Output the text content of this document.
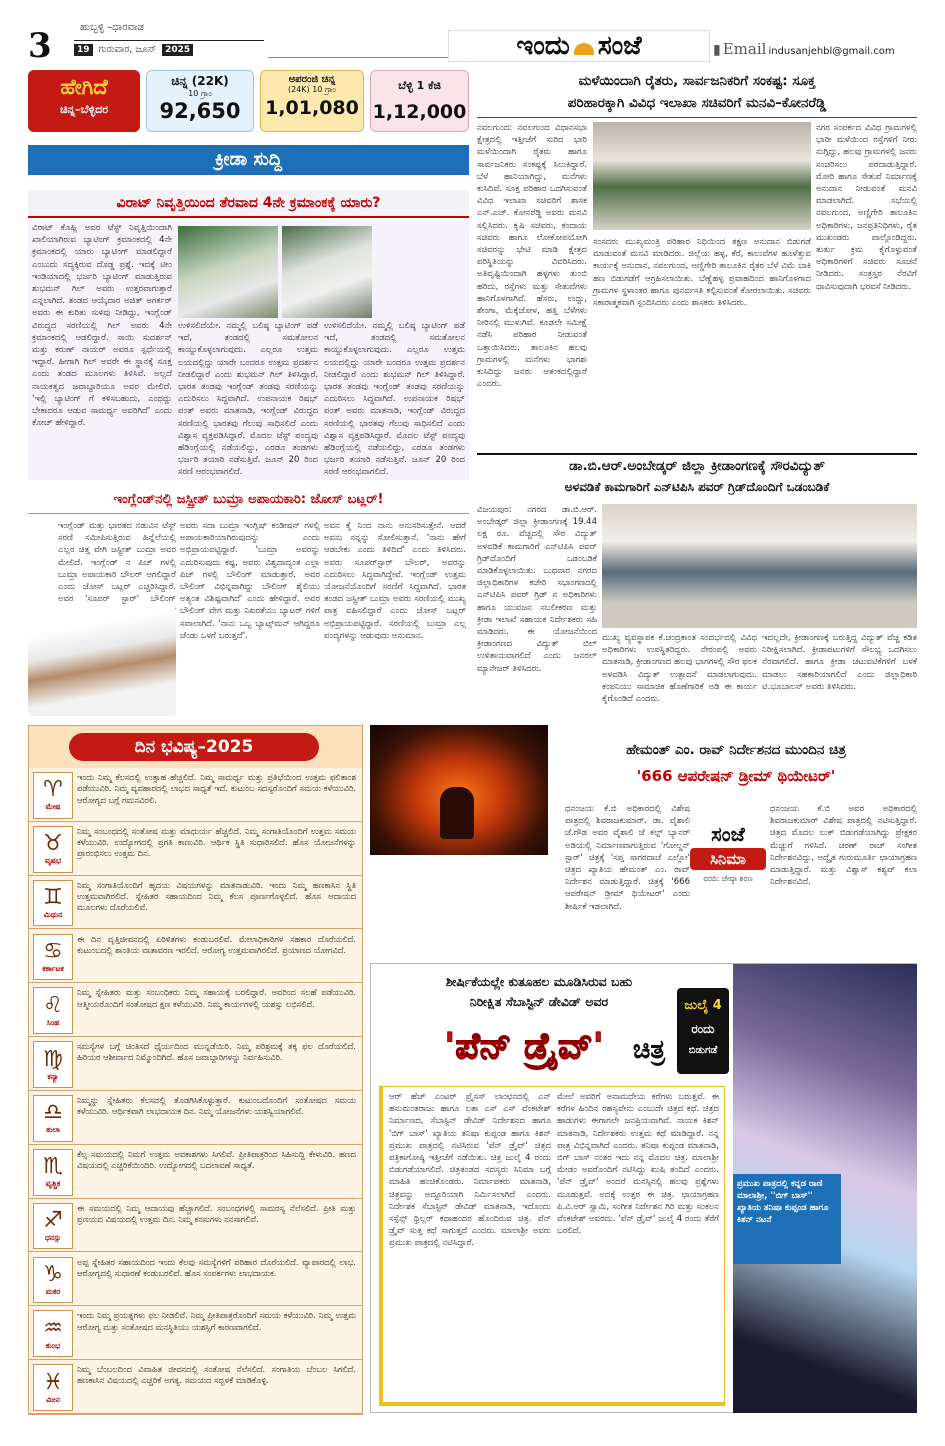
3	ಹುಬ್ಬಳ್ಳಿ –ಧಾರವಾಡ
19 ಗುರುವಾರ, ಜೂನ್	2025	ಇಂದು ಸಂಜೆ	▮ Email indusanjehbl@gmail.com
ಹೇಗಿದೆ
ಚಿನ್ನ–ಬೆಳ್ಳಿದರ
ಚಿನ್ನ (22K)
10 ಗ್ರಾಂ
92,650
ಅಪರಂಜಿ ಚಿನ್ನ
(24K) 10 ಗ್ರಾಂ
1,01,080
ಬೆಳ್ಳಿ 1 ಕೆಜಿ
1,12,000
ಕ್ರೀಡಾ ಸುದ್ದಿ
ವಿರಾಟ್ ನಿವೃತ್ತಿಯಿಂದ ತೆರವಾದ 4ನೇ ಕ್ರಮಾಂಕಕ್ಕೆ ಯಾರು?
ವಿರಾಟ್ ಕೊಹ್ಲಿ ಅವರ ಟೆಸ್ಟ್ ನಿವೃತ್ತಿಯಿಂದಾಗಿ ಖಾಲಿಯಾಗಿರುವ ಬ್ಯಾಟಿಂಗ್ ಕ್ರಮಾಂಕದಲ್ಲಿ 4ನೇ ಕ್ರಮಾಂಕದಲ್ಲಿ ಯಾರು ಬ್ಯಾಟಿಂಗ್ ಮಾಡಲಿದ್ದಾರೆ ಎಂಬುದು ಸದ್ಯಕ್ಕಿರುವ ದೊಡ್ಡ ಪ್ರಶ್ನೆ. ಇದಕ್ಕೆ ಟೀಂ ಇಂಡಿಯಾದಲ್ಲಿ ಭರ್ಜರಿ ಬ್ಯಾಟಿಂಗ್ ಮಾಡುತ್ತಿರುವ ಶುಭಮನ್ ಗಿಲ್ ಅವರು ಉತ್ತರವಾಗುತ್ತಾರೆ ಎನ್ನಲಾಗಿದೆ. ತಂಡದ ಆಯ್ಕೆದಾರ ಅಜಿತ್ ಅಗರ್ಕರ್ ಅವರು ಈ ಕುರಿತು ಸುಳಿವು ನೀಡಿದ್ದು, ಇಂಗ್ಲೆಂಡ್ ವಿರುದ್ಧದ ಸರಣಿಯಲ್ಲಿ ಗಿಲ್ ಅವರು 4ನೇ ಕ್ರಮಾಂಕದಲ್ಲಿ ಆಡಲಿದ್ದಾರೆ. ಸಾಯಿ ಸುದರ್ಶನ್ ಮತ್ತು ಕರುಣ್ ನಾಯರ್ ಅವರೂ ಸ್ಪರ್ಧೆಯಲ್ಲಿ ಇದ್ದಾರೆ. ಹೀಗಾಗಿ ಗಿಲ್ ಅವರೇ ಈ ಸ್ಥಾನಕ್ಕೆ ಸೂಕ್ತ ಎಂದು ತಂಡದ ಮೂಲಗಳು ತಿಳಿಸಿವೆ. ಅಲ್ಲದೆ ನಾಯಕತ್ವದ ಜವಾಬ್ದಾರಿಯೂ ಅವರ ಮೇಲಿದೆ. 'ಇಲ್ಲಿ ಬ್ಯಾಟಿಂಗ್ ಗೆ ಕಳಿಸಬಹುದು, ಎಂಥದ್ದು ಬೇಕಾದರೂ ಆಡುವ ಸಾಮರ್ಥ್ಯ ಅವರಿಗಿದೆ' ಎಂದು ಕೋಚ್ ಹೇಳಿದ್ದಾರೆ.
ಉಳಿಸಲಿದೆಯೇ. ನಮ್ಮಲ್ಲಿ ಬಲಿಷ್ಠ ಬ್ಯಾಟಿಂಗ್ ಪಡೆ ಇದೆ, ತಂಡದಲ್ಲಿ ಸಮತೋಲನ ಕಾಯ್ದುಕೊಳ್ಳಲಾಗುವುದು. ಎಲ್ಲರೂ ಉತ್ತಮ ಲಯದಲ್ಲಿದ್ದು ಯಾರೇ ಬಂದರೂ ಉತ್ತಮ ಪ್ರದರ್ಶನ ನೀಡಲಿದ್ದಾರೆ ಎಂದು ಶುಭಮನ್ ಗಿಲ್ ತಿಳಿಸಿದ್ದಾರೆ. ಭಾರತ ತಂಡವು ಇಂಗ್ಲೆಂಡ್ ತಂಡವು ಸರಣಿಯನ್ನು ಎದುರಿಸಲು ಸಿದ್ಧವಾಗಿದೆ. ಉಪನಾಯಕ ರಿಷಭ್ ಪಂತ್ ಅವರು ಮಾತನಾಡಿ, ಇಂಗ್ಲೆಂಡ್ ವಿರುದ್ಧದ ಸರಣಿಯಲ್ಲಿ ಭಾರತವು ಗೆಲುವು ಸಾಧಿಸಲಿದೆ ಎಂದು ವಿಶ್ವಾಸ ವ್ಯಕ್ತಪಡಿಸಿದ್ದಾರೆ. ಮೊದಲ ಟೆಸ್ಟ್ ಪಂದ್ಯವು ಹೆಡಿಂಗ್ಲೆಯಲ್ಲಿ ನಡೆಯಲಿದ್ದು, ಎರಡೂ ತಂಡಗಳು ಭರ್ಜರಿ ತಯಾರಿ ನಡೆಸುತ್ತಿವೆ. ಜೂನ್ 20 ರಿಂದ ಸರಣಿ ಆರಂಭವಾಗಲಿದೆ.
ಉಳಿಸಲಿದೆಯೇ. ನಮ್ಮಲ್ಲಿ ಬಲಿಷ್ಠ ಬ್ಯಾಟಿಂಗ್ ಪಡೆ ಇದೆ, ತಂಡದಲ್ಲಿ ಸಮತೋಲನ ಕಾಯ್ದುಕೊಳ್ಳಲಾಗುವುದು. ಎಲ್ಲರೂ ಉತ್ತಮ ಲಯದಲ್ಲಿದ್ದು ಯಾರೇ ಬಂದರೂ ಉತ್ತಮ ಪ್ರದರ್ಶನ ನೀಡಲಿದ್ದಾರೆ ಎಂದು ಶುಭಮನ್ ಗಿಲ್ ತಿಳಿಸಿದ್ದಾರೆ. ಭಾರತ ತಂಡವು ಇಂಗ್ಲೆಂಡ್ ತಂಡವು ಸರಣಿಯನ್ನು ಎದುರಿಸಲು ಸಿದ್ಧವಾಗಿದೆ. ಉಪನಾಯಕ ರಿಷಭ್ ಪಂತ್ ಅವರು ಮಾತನಾಡಿ, ಇಂಗ್ಲೆಂಡ್ ವಿರುದ್ಧದ ಸರಣಿಯಲ್ಲಿ ಭಾರತವು ಗೆಲುವು ಸಾಧಿಸಲಿದೆ ಎಂದು ವಿಶ್ವಾಸ ವ್ಯಕ್ತಪಡಿಸಿದ್ದಾರೆ. ಮೊದಲ ಟೆಸ್ಟ್ ಪಂದ್ಯವು ಹೆಡಿಂಗ್ಲೆಯಲ್ಲಿ ನಡೆಯಲಿದ್ದು, ಎರಡೂ ತಂಡಗಳು ಭರ್ಜರಿ ತಯಾರಿ ನಡೆಸುತ್ತಿವೆ. ಜೂನ್ 20 ರಿಂದ ಸರಣಿ ಆರಂಭವಾಗಲಿದೆ.
ಇಂಗ್ಲೆಂಡ್‌ನಲ್ಲಿ ಜಸ್ಪ್ರೀತ್ ಬುಮ್ರಾ ಅಪಾಯಕಾರಿ: ಜೋಸ್ ಬಟ್ಲರ್!
ಇಂಗ್ಲೆಂಡ್ ಮತ್ತು ಭಾರತದ ನಡುವಿನ ಟೆಸ್ಟ್ ಸರಣಿ ಸಮೀಪಿಸುತ್ತಿರುವ ಹಿನ್ನೆಲೆಯಲ್ಲಿ ಎಲ್ಲರ ಚಿತ್ತ ವೇಗಿ ಜಸ್ಪ್ರೀತ್ ಬುಮ್ರಾ ಅವರ ಮೇಲಿದೆ. ಇಂಗ್ಲೆಂಡ್ ನ ಪಿಚ್ ಗಳಲ್ಲಿ ಬುಮ್ರಾ ಅಪಾಯಕಾರಿ ಬೌಲರ್ ಆಗಲಿದ್ದಾರೆ ಎಂದು ಜೋಸ್ ಬಟ್ಲರ್ ಎಚ್ಚರಿಸಿದ್ದಾರೆ. ಅವರ 'ಸೂಪರ್ ಸ್ಟಾರ್' ಬೌಲಿಂಗ್
ಅವರು ಸದಾ ಬುಮ್ರಾ ಇಂಗ್ಲಿಷ್ ಕಂಡೀಷನ್ ಗಳಲ್ಲಿ ಅಪಾಯಕಾರಿಯಾಗಿರುವುದನ್ನು ಎಂದು ಅಭಿಪ್ರಾಯಪಟ್ಟಿದ್ದಾರೆ. 'ಬುಮ್ರಾ ಅವರನ್ನು ಎದುರಿಸುವುದು ಕಷ್ಟ, ಅವರು ವಿಶ್ವದಾದ್ಯಂತ ಎಲ್ಲಾ ಪಿಚ್ ಗಳಲ್ಲಿ ಬೌಲಿಂಗ್ ಮಾಡುತ್ತಾರೆ. ಅವರ ಬೌಲಿಂಗ್ ವಿಭಿನ್ನವಾಗಿದ್ದು ಬೌಲಿಂಗ್ ಶೈಲಿಯು ಅತ್ಯಂತ ವಿಶಿಷ್ಟವಾಗಿದೆ' ಎಂದು ಹೇಳಿದ್ದಾರೆ. ಅವರ ಬೌಲಿಂಗ್ ವೇಗ ಮತ್ತು ನಿಖರತೆಯು ಬ್ಯಾಟರ್ ಗಳಿಗೆ ಸವಾಲಾಗಿದೆ. 'ನಾನು ಒಬ್ಬ ಬ್ಯಾಟ್ಸ್‌ಮನ್ ಆಗಿದ್ದರೂ ಚೆಂಡು ಒಳಗೆ ಬರುತ್ತದೆ'.
ಅವನ ಕೈ ನಿಂದ ನಾನು ಅನುಸರಿಸುತ್ತೇನೆ. ಆದರೆ ಅವನು ನನ್ನನ್ನು ಸೋಲಿಸುತ್ತಾನೆ. 'ನಾನು ಹೇಗೆ ಆಡಬೇಕು ಎಂದು ತಿಳಿದಿದೆ' ಎಂದು ತಿಳಿಸಿದರು. ಅವರು ಸೂಪರ್‌ಸ್ಟಾರ್ ಬೌಲರ್, ಅವರನ್ನು ಎದುರಿಸಲು ಸಿದ್ಧವಾಗಿದ್ದೇವೆ. ಇಂಗ್ಲೆಂಡ್ ಉತ್ತಮ ಯೋಜನೆಯೊಂದಿಗೆ ಸರಣಿಗೆ ಸಿದ್ಧವಾಗಿದೆ. ಭಾರತ ತಂಡದ ಜಸ್ಪ್ರೀತ್ ಬುಮ್ರಾ ಅವರು ಸರಣಿಯಲ್ಲಿ ಮುಖ್ಯ ಪಾತ್ರ ವಹಿಸಲಿದ್ದಾರೆ ಎಂದು ಜೋಸ್ ಬಟ್ಲರ್ ಅಭಿಪ್ರಾಯಪಟ್ಟಿದ್ದಾರೆ. ಸರಣಿಯಲ್ಲಿ ಬುಮ್ರಾ ಎಲ್ಲ ಪಂದ್ಯಗಳನ್ನು ಆಡುವುದು ಅನುಮಾನ.
ಮಳೆಯಿಂದಾಗಿ ರೈತರು, ಸಾರ್ವಜನಿಕರಿಗೆ ಸಂಕಷ್ಟ: ಸೂಕ್ತ
ಪರಿಹಾರಕ್ಕಾಗಿ ವಿವಿಧ ಇಲಾಖಾ ಸಚಿವರಿಗೆ ಮನವಿ–ಕೋನರೆಡ್ಡಿ
ನವಲಗುಂದ: ನವಲಗುಂದ ವಿಧಾನಸಭಾ ಕ್ಷೇತ್ರದಲ್ಲಿ ಇತ್ತೀಚೆಗೆ ಸುರಿದ ಭಾರಿ ಮಳೆಯಿಂದಾಗಿ ರೈತರು ಹಾಗೂ ಸಾರ್ವಜನಿಕರು ಸಂಕಷ್ಟಕ್ಕೆ ಸಿಲುಕಿದ್ದಾರೆ. ಬೆಳೆ ಹಾನಿಯಾಗಿದ್ದು, ಮನೆಗಳು ಕುಸಿದಿವೆ. ಸೂಕ್ತ ಪರಿಹಾರ ಒದಗಿಸುವಂತೆ ವಿವಿಧ ಇಲಾಖಾ ಸಚಿವರಿಗೆ ಶಾಸಕ ಎನ್.ಎಚ್. ಕೋನರೆಡ್ಡಿ ಅವರು ಮನವಿ ಸಲ್ಲಿಸಿದರು. ಕೃಷಿ ಸಚಿವರು, ಕಂದಾಯ ಸಚಿವರು ಹಾಗೂ ಲೋಕೋಪಯೋಗಿ ಸಚಿವರನ್ನು ಭೇಟಿ ಮಾಡಿ ಕ್ಷೇತ್ರದ ಪರಿಸ್ಥಿತಿಯನ್ನು ವಿವರಿಸಿದರು. ಅತಿವೃಷ್ಟಿಯಿಂದಾಗಿ ಹಳ್ಳಗಳು ತುಂಬಿ ಹರಿದು, ರಸ್ತೆಗಳು ಮತ್ತು ಸೇತುವೆಗಳು ಹಾನಿಗೊಳಗಾಗಿವೆ. ಹೆಸರು, ಉದ್ದು, ಶೇಂಗಾ, ಮೆಕ್ಕೆಜೋಳ, ಹತ್ತಿ ಬೆಳೆಗಳು ನೀರಿನಲ್ಲಿ ಮುಳುಗಿವೆ. ಕೂಡಲೇ ಸಮೀಕ್ಷೆ ನಡೆಸಿ ಪರಿಹಾರ ನೀಡುವಂತೆ ಒತ್ತಾಯಿಸಿದರು. ತಾಲೂಕಿನ ಹಲವು ಗ್ರಾಮಗಳಲ್ಲಿ ಮನೆಗಳು ಭಾಗಶಃ ಕುಸಿದಿದ್ದು ಜನರು ಆತಂಕದಲ್ಲಿದ್ದಾರೆ ಎಂದರು.
ಸಂಸದರು ಮುಖ್ಯಮಂತ್ರಿ ಪರಿಹಾರ ನಿಧಿಯಿಂದ ತಕ್ಷಣ ಅನುದಾನ ಬಿಡುಗಡೆ ಮಾಡುವಂತೆ ಮನವಿ ಮಾಡಿದರು. ಜಿಲ್ಲೆಯ ಹಳ್ಳ, ಕೆರೆ, ಕಾಲುವೆಗಳ ಹೂಳೆತ್ತುವ ಕಾರ್ಯಕ್ಕೆ ಅನುದಾನ, ನವಲಗುಂದ, ಅಣ್ಣಿಗೇರಿ ತಾಲೂಕಿನ ರೈತರ ಬೆಳೆ ವಿಮೆ ಬಾಕಿ ಹಣ ಬಿಡುಗಡೆಗೆ ಆಗ್ರಹಿಸಲಾಯಿತು. ಬೆಣ್ಣೆಹಳ್ಳ ಪ್ರವಾಹದಿಂದ ಹಾನಿಗೊಳಗಾದ ಗ್ರಾಮಗಳ ಸ್ಥಳಾಂತರ ಹಾಗೂ ಪುನರ್ವಸತಿ ಕಲ್ಪಿಸುವಂತೆ ಕೋರಲಾಯಿತು. ಸಚಿವರು ಸಕಾರಾತ್ಮಕವಾಗಿ ಸ್ಪಂದಿಸಿದರು ಎಂದು ಶಾಸಕರು ತಿಳಿಸಿದರು.
ನಗರ ಸಂಪರ್ಕದ ವಿವಿಧ ಗ್ರಾಮಗಳಲ್ಲಿ ಭಾರೀ ಮಳೆಯಿಂದ ರಸ್ತೆಗಳಿಗೆ ನೀರು ನುಗ್ಗಿದ್ದು, ಹಲವು ಗ್ರಾಮಗಳಲ್ಲಿ ಜನರು ಸಂಚರಿಸಲು ಪರದಾಡುತ್ತಿದ್ದಾರೆ. ಮೋರಿ ಹಾಗೂ ಸೇತುವೆ ನಿರ್ಮಾಣಕ್ಕೆ ಅನುದಾನ ನೀಡುವಂತೆ ಮನವಿ ಮಾಡಲಾಗಿದೆ. ಸಭೆಯಲ್ಲಿ ನವಲಗುಂದ, ಅಣ್ಣಿಗೇರಿ ತಾಲೂಕಿನ ಅಧಿಕಾರಿಗಳು, ಜನಪ್ರತಿನಿಧಿಗಳು, ರೈತ ಮುಖಂಡರು ಪಾಲ್ಗೊಂಡಿದ್ದರು. ತುರ್ತು ಕ್ರಮ ಕೈಗೊಳ್ಳುವಂತೆ ಅಧಿಕಾರಿಗಳಿಗೆ ಸಚಿವರು ಸೂಚನೆ ನೀಡಿದರು. ಸಂತ್ರಸ್ತರ ನೆರವಿಗೆ ಧಾವಿಸುವುದಾಗಿ ಭರವಸೆ ನೀಡಿದರು.
ಡಾ.ಬಿ.ಆರ್.ಅಂಬೇಡ್ಕರ್ ಜಿಲ್ಲಾ ಕ್ರೀಡಾಂಗಣಕ್ಕೆ ಸೌರವಿದ್ಯುತ್
ಅಳವಡಿಕೆ ಕಾಮಗಾರಿಗೆ ಎನ್‌ಟಿಪಿಸಿ ಪವರ್ ಗ್ರಿಡ್‌ದೊಂದಿಗೆ ಒಡಂಬಡಿಕೆ
ವಿಜಯಪುರ: ನಗರದ ಡಾ.ಬಿ.ಆರ್. ಅಂಬೇಡ್ಕರ್ ಜಿಲ್ಲಾ ಕ್ರೀಡಾಂಗಣಕ್ಕೆ 19.44 ಲಕ್ಷ ರೂ. ವೆಚ್ಚದಲ್ಲಿ ಸೌರ ವಿದ್ಯುತ್ ಅಳವಡಿಕೆ ಕಾಮಗಾರಿಗೆ ಎನ್‌ಟಿಪಿಸಿ ಪವರ್ ಗ್ರಿಡ್‌ದೊಂದಿಗೆ ಒಡಂಬಡಿಕೆ ಮಾಡಿಕೊಳ್ಳಲಾಯಿತು. ಬುಧವಾರ ನಗರದ ಜಿಲ್ಲಾಧಿಕಾರಿಗಳ ಕಚೇರಿ ಸಭಾಂಗಣದಲ್ಲಿ ಎನ್‌ಟಿಪಿಸಿ ಪವರ್ ಗ್ರಿಡ್ ನ ಅಧಿಕಾರಿಗಳು ಹಾಗೂ ಯುವಜನ ಸಬಲೀಕರಣ ಮತ್ತು ಕ್ರೀಡಾ ಇಲಾಖೆ ಸಹಾಯಕ ನಿರ್ದೇಶಕರು ಸಹಿ ಮಾಡಿದರು. ಈ ಯೋಜನೆಯಿಂದ ಕ್ರೀಡಾಂಗಣದ ವಿದ್ಯುತ್ ಬಿಲ್ ಉಳಿತಾಯವಾಗಲಿದೆ ಎಂದು ಜನರಲ್ ಮ್ಯಾನೇಜರ್ ತಿಳಿಸಿದರು.
ಮುಖ್ಯ ವ್ಯವಸ್ಥಾಪಕ ಕೆ.ಚಂದ್ರಕಾಂತ ಸಂದರ್ಭದಲ್ಲಿ ವಿವಿಧ ಅಧಿಕಾರಿಗಳು ಉಪಸ್ಥಿತರಿದ್ದರು. ನೇರಂಪಲ್ಲಿ ಅವರು ಮಾತನಾಡಿ, ಕ್ರೀಡಾಂಗಣದ ಹಲವು ಭಾಗಗಳಲ್ಲಿ ಸೌರ ಫಲಕ ಅಳವಡಿಸಿ ವಿದ್ಯುತ್ ಉತ್ಪಾದನೆ ಮಾಡಲಾಗುವುದು. ಕಂಪನಿಯು ಸಾಮಾಜಿಕ ಹೊಣೆಗಾರಿಕೆ ಅಡಿ ಈ ಕಾರ್ಯ ಕೈಗೊಂಡಿದೆ ಎಂದರು.
ಇದಲ್ಲದೇ, ಕ್ರೀಡಾಂಗಣಕ್ಕೆ ಬರುತ್ತಿದ್ದ ವಿದ್ಯುತ್ ವೆಚ್ಚ ಕಡಿತ ನಿರೀಕ್ಷಿಸಲಾಗಿದೆ. ಕ್ರೀಡಾಪಟುಗಳಿಗೆ ಸೌಲಭ್ಯ ಒದಗಿಸಲು ನೆರವಾಗಲಿದೆ. ಹಾಗೂ ಕ್ರೀಡಾ ಚಟುವಟಿಕೆಗಳಿಗೆ ಬಳಕೆ ಮಾಡಲು ಸಹಕಾರಿಯಾಗಲಿದೆ ಎಂದು ಜಿಲ್ಲಾಧಿಕಾರಿ ಟಿ.ಭೂಬಾಲನ್ ಅವರು ತಿಳಿಸಿದರು.
ದಿನ ಭವಿಷ್ಯ–2025
♈
ಮೇಷ
ಇಂದು ನಿಮ್ಮ ಕೆಲಸದಲ್ಲಿ ಉತ್ಸಾಹ ಹೆಚ್ಚಲಿದೆ. ನಿಮ್ಮ ಸಾಮರ್ಥ್ಯ ಮತ್ತು ಪ್ರತಿಭೆಯಿಂದ ಉತ್ತಮ ಫಲಿತಾಂಶ ಪಡೆಯುವಿರಿ. ನಿಮ್ಮ ವ್ಯವಹಾರದಲ್ಲಿ ಲಾಭದ ಸಾಧ್ಯತೆ ಇದೆ. ಕುಟುಂಬ ಸದಸ್ಯರೊಂದಿಗೆ ಸಮಯ ಕಳೆಯುವಿರಿ. ಆರೋಗ್ಯದ ಬಗ್ಗೆ ಗಮನವಿರಲಿ.
♉
ವೃಷಭ
ನಿಮ್ಮ ಸಂಬಂಧದಲ್ಲಿ ಸಂತೋಷ ಮತ್ತು ಮಾಧುರ್ಯ ಹೆಚ್ಚಲಿದೆ. ನಿಮ್ಮ ಸಂಗಾತಿಯೊಂದಿಗೆ ಉತ್ತಮ ಸಮಯ ಕಳೆಯುವಿರಿ. ಉದ್ಯೋಗದಲ್ಲಿ ಪ್ರಗತಿ ಕಾಣುವಿರಿ. ಆರ್ಥಿಕ ಸ್ಥಿತಿ ಸುಧಾರಿಸಲಿದೆ. ಹೊಸ ಯೋಜನೆಗಳನ್ನು ಪ್ರಾರಂಭಿಸಲು ಉತ್ತಮ ದಿನ.
♊
ಮಿಥುನ
ನಿಮ್ಮ ಸಂಗಾತಿಯೊಂದಿಗೆ ಹೃದಯ ವಿಷಯಗಳನ್ನು ಮಾತನಾಡುವಿರಿ. ಇಂದು ನಿಮ್ಮ ಹಣಕಾಸಿನ ಸ್ಥಿತಿ ಉತ್ತಮವಾಗಿರಲಿದೆ. ಸ್ನೇಹಿತರ ಸಹಾಯದಿಂದ ನಿಮ್ಮ ಕೆಲಸ ಪೂರ್ಣಗೊಳ್ಳಲಿದೆ. ಹೊಸ ಆದಾಯದ ಮೂಲಗಳು ದೊರೆಯಲಿವೆ.
♋
ಕರ್ಕಾಟಕ
ಈ ದಿನ ವೃತ್ತಿಜೀವನದಲ್ಲಿ ಏರಿಳಿತಗಳು ಕಂಡುಬರಲಿವೆ. ಮೇಲಾಧಿಕಾರಿಗಳ ಸಹಕಾರ ದೊರೆಯಲಿದೆ. ಕುಟುಂಬದಲ್ಲಿ ಶಾಂತಿಯ ವಾತಾವರಣ ಇರಲಿದೆ. ಆರೋಗ್ಯ ಉತ್ತಮವಾಗಿರಲಿದೆ. ಪ್ರಯಾಣದ ಯೋಗವಿದೆ.
♌
ಸಿಂಹ
ನಿಮ್ಮ ಸ್ನೇಹಿತರು ಮತ್ತು ಸಂಬಂಧಿಕರು ನಿಮ್ಮ ಸಹಾಯಕ್ಕೆ ಬರಲಿದ್ದಾರೆ. ಅವರಿಂದ ಸಲಹೆ ಪಡೆಯುವಿರಿ. ಆತ್ಮೀಯರೊಂದಿಗೆ ಸಂತೋಷದ ಕ್ಷಣ ಕಳೆಯುವಿರಿ. ನಿಮ್ಮ ಕಾರ್ಯಗಳಲ್ಲಿ ಯಶಸ್ಸು ಲಭಿಸಲಿದೆ.
♍
ಕನ್ಯಾ
ಸಮಸ್ಯೆಗಳ ಬಗ್ಗೆ ಚಿಂತಿಸದೆ ಧೈರ್ಯದಿಂದ ಮುನ್ನಡೆಯಿರಿ. ನಿಮ್ಮ ಪರಿಶ್ರಮಕ್ಕೆ ತಕ್ಕ ಫಲ ದೊರೆಯಲಿದೆ. ಹಿರಿಯರ ಆಶೀರ್ವಾದ ನಿಮ್ಮೊಂದಿಗಿದೆ. ಹೊಸ ಜವಾಬ್ದಾರಿಗಳನ್ನು ನಿರ್ವಹಿಸುವಿರಿ.
♎
ತುಲಾ
ನಿಮ್ಮನ್ನು ಸ್ನೇಹಿತರು ಕೆಲಸದಲ್ಲಿ ತೊಡಗಿಸಿಕೊಳ್ಳುತ್ತಾರೆ. ಕುಟುಂಬದೊಂದಿಗೆ ಸಂತೋಷದ ಸಮಯ ಕಳೆಯುವಿರಿ. ಆರ್ಥಿಕವಾಗಿ ಲಾಭದಾಯಕ ದಿನ. ನಿಮ್ಮ ಯೋಜನೆಗಳು ಯಶಸ್ವಿಯಾಗಲಿವೆ.
♏
ವೃಶ್ಚಿಕ
ಕೆಲ್ಸ ಸಮಯದಲ್ಲಿ ನಿಮಗೆ ಉತ್ತಮ ಅವಕಾಶಗಳು ಸಿಗಲಿವೆ. ಪ್ರೀತಿಪಾತ್ರರಿಂದ ಸಿಹಿಸುದ್ದಿ ಕೇಳುವಿರಿ. ಹಣದ ವಿಷಯದಲ್ಲಿ ಎಚ್ಚರಿಕೆಯಿಂದಿರಿ. ಉದ್ಯೋಗದಲ್ಲಿ ಬದಲಾವಣೆ ಸಾಧ್ಯತೆ.
♐
ಧನಸ್ಸು
ಈ ಸಮಯದಲ್ಲಿ ನಿಮ್ಮ ಆದಾಯವು ಹೆಚ್ಚಾಗಲಿದೆ. ಸಂಬಂಧಗಳಲ್ಲಿ ಸಾಮರಸ್ಯ ನೆಲೆಸಲಿದೆ. ಪ್ರೀತಿ ಮತ್ತು ಪ್ರಣಯದ ವಿಷಯದಲ್ಲಿ ಉತ್ತಮ ದಿನ. ನಿಮ್ಮ ಕನಸುಗಳು ನನಸಾಗಲಿವೆ.
♑
ಮಕರ
ಅಪ್ಪ ಸ್ನೇಹಿತರ ಸಹಾಯದಿಂದ ಇಂದು ಕೆಲವು ಸಮಸ್ಯೆಗಳಿಗೆ ಪರಿಹಾರ ದೊರೆಯಲಿದೆ. ವ್ಯಾಪಾರದಲ್ಲಿ ಲಾಭ. ಆರೋಗ್ಯದಲ್ಲಿ ಸುಧಾರಣೆ ಕಂಡುಬರಲಿದೆ. ಹೊಸ ಸಂಪರ್ಕಗಳು ಲಾಭದಾಯಕ.
♒
ಕುಂಭ
ಇಂದು ನಿಮ್ಮ ಪ್ರಯತ್ನಗಳು ಫಲ ನೀಡಲಿವೆ. ನಿಮ್ಮ ಪ್ರೀತಿಪಾತ್ರರೊಂದಿಗೆ ಸಮಯ ಕಳೆಯುವಿರಿ. ನಿಮ್ಮ ಉತ್ತಮ ಆರೋಗ್ಯ ಮತ್ತು ಸಂತೋಷದ ಮನಸ್ಥಿತಿಯು ಯಶಸ್ಸಿಗೆ ಕಾರಣವಾಗಲಿದೆ.
♓
ಮೀನ
ನಿಮ್ಮ ಬೆಂಬಲದಿಂದ ವಿವಾಹಿತ ಜೀವನದಲ್ಲಿ ಸಂತೋಷ ನೆಲೆಸಲಿದೆ. ಸಂಗಾತಿಯ ಬೆಂಬಲ ಸಿಗಲಿದೆ. ಹಣಕಾಸಿನ ವಿಷಯದಲ್ಲಿ ಎಚ್ಚರಿಕೆ ಅಗತ್ಯ. ಸಮಯದ ಸದ್ಬಳಕೆ ಮಾಡಿಕೊಳ್ಳಿ.
ಹೇಮಂತ್ ಎಂ. ರಾವ್ ನಿರ್ದೇಶನದ ಮುಂದಿನ ಚಿತ್ರ
'666 ಆಪರೇಷನ್ ಡ್ರೀಮ್ ಥಿಯೇಟರ್'
ಧನಂಜಯ ಕೆ.ಬಿ ಅಧಿಕಾರದಲ್ಲಿ ವಿಶೇಷ ಪಾತ್ರದಲ್ಲಿ ಶಿವರಾಜಕುಮಾರ್. ಡಾ. ವೈಶಾಲಿ ಜೆ.ಗೌಡ ಅವರ ವೈಶಾಲಿ ಜೆ ಕಲ್ಪ್ ಬ್ಯಾನರ್ ಅಡಿಯಲ್ಲಿ ನಿರ್ಮಾಣವಾಗುತ್ತಿರುವ 'ಗೋಲ್ಡನ್ ಸ್ಟಾರ್' ಚಿತ್ರಕ್ಕೆ 'ಸಪ್ತ ಸಾಗರದಾಚೆ ಎಲ್ಲೋ' ಚಿತ್ರದ ಖ್ಯಾತಿಯ ಹೇಮಂತ್ ಎಂ. ರಾವ್ ನಿರ್ದೇಶನ ಮಾಡುತ್ತಿದ್ದಾರೆ. ಚಿತ್ರಕ್ಕೆ '666 ಆಪರೇಷನ್ ಡ್ರೀಮ್ ಥಿಯೇಟರ್' ಎಂದು ಶೀರ್ಷಿಕೆ ಇಡಲಾಗಿದೆ.
ಸಂಜೆ
ಸಿನಿಮಾ
ವರದಿ: ಜೇಷ್ಠಾ ಶರಣ
ಧನಂಜಯ ಕೆ.ಬಿ ಅವರ ಅಧಿಕಾರದಲ್ಲಿ ಶಿವರಾಜಕುಮಾರ್ ವಿಶೇಷ ಪಾತ್ರದಲ್ಲಿ ನಟಿಸುತ್ತಿದ್ದಾರೆ. ಚಿತ್ರದ ಮೊದಲ ಲುಕ್ ಬಿಡುಗಡೆಯಾಗಿದ್ದು ಪ್ರೇಕ್ಷಕರ ಮೆಚ್ಚುಗೆ ಗಳಿಸಿದೆ. ಚರಣ್ ರಾಜ್ ಸಂಗೀತ ನಿರ್ದೇಶನವಿದ್ದು, ಅದ್ವೈತ ಗುರುಮೂರ್ತಿ ಛಾಯಾಗ್ರಹಣ ಮಾಡುತ್ತಿದ್ದಾರೆ. ಮತ್ತು ವಿಶ್ವಾಸ್ ಕಶ್ಯಪ್ ಕಲಾ ನಿರ್ದೇಶನವಿದೆ.
ಶೀರ್ಷಿಕೆಯಲ್ಲೇ ಕುತೂಹಲ ಮೂಡಿಸಿರುವ ಬಹು
ನಿರೀಕ್ಷಿತ ಸೆಬಾಸ್ಟಿನ್ ಡೇವಿಡ್ ಅವರ
'ಪೆನ್ ಡ್ರೈವ್'	ಚಿತ್ರ
ಜುಲೈ 4
ರಂದು
ಬಿಡುಗಡೆ
ಪ್ರಮುಖ ಪಾತ್ರದಲ್ಲಿ ಕನ್ನಡ ರಾಣಿ ಮಾಲಾಶ್ರೀ, ''ಬಿಗ್ ಬಾಸ್'' ಖ್ಯಾತಿಯ ತನಿಷಾ ಕುಪ್ಪಂಡ ಹಾಗೂ ಕಿಶನ್ ನಟನೆ
ಆರ್ ಹೆಚ್ ಎಂಟರ್ ಪ್ರೈಸಸ್ ಲಾಂಛನದಲ್ಲಿ ಎನ್ ಹನುಮಂತರಾಜು ಹಾಗೂ ಲತಾ ಎಸ್ ಎಸ್ ವೆಂಕಟೇಶ್ ನಿರ್ಮಾಣದ, ಸೆಬಾಸ್ಟಿನ್ ಡೇವಿಡ್ ನಿರ್ದೇಶನದ ಹಾಗೂ 'ಬಿಗ್ ಬಾಸ್' ಖ್ಯಾತಿಯ ತನಿಷಾ ಕುಪ್ಪಂಡ ಹಾಗೂ ಕಿಶನ್ ಪ್ರಮುಖ ಪಾತ್ರದಲ್ಲಿ ನಟಿಸಿರುವ 'ಪೆನ್ ಡ್ರೈವ್' ಚಿತ್ರದ ಪತ್ರಿಕಾಗೋಷ್ಠಿ ಇತ್ತೀಚೆಗೆ ನಡೆಯಿತು. ಚಿತ್ರ ಜುಲೈ 4 ರಂದು ಬಿಡುಗಡೆಯಾಗಲಿದೆ. ಚಿತ್ರತಂಡದ ಸದಸ್ಯರು ಸಿನಿಮಾ ಬಗ್ಗೆ ಮಾಹಿತಿ ಹಂಚಿಕೊಂಡರು. ನಿರ್ಮಾಪಕರು ಮಾತನಾಡಿ, ಚಿತ್ರವನ್ನು ಅದ್ದೂರಿಯಾಗಿ ನಿರ್ಮಿಸಲಾಗಿದೆ ಎಂದರು. ನಿರ್ದೇಶಕ ಸೆಬಾಸ್ಟಿನ್ ಡೇವಿಡ್ ಮಾತನಾಡಿ, ಇದೊಂದು ಸಸ್ಪೆನ್ಸ್ ಥ್ರಿಲ್ಲರ್ ಕಥಾಹಂದರ ಹೊಂದಿರುವ ಚಿತ್ರ. ಪೆನ್ ಡ್ರೈವ್ ಸುತ್ತ ಕಥೆ ಸಾಗುತ್ತದೆ ಎಂದರು. ಮಾಲಾಶ್ರೀ ಅವರು ಪ್ರಮುಖ ಪಾತ್ರದಲ್ಲಿ ನಟಿಸಿದ್ದಾರೆ.
ಮೇಲೆ ಅವರಿಗೆ ಅನಾಮಧೇಯ ಕರೆಗಳು ಬರುತ್ತವೆ. ಈ ಕರೆಗಳ ಹಿಂದಿನ ರಹಸ್ಯವೇನು ಎಂಬುದೇ ಚಿತ್ರದ ಕಥೆ. ಚಿತ್ರದ ಹಾಡುಗಳು ಈಗಾಗಲೇ ಜನಪ್ರಿಯವಾಗಿವೆ. ನಾಯಕ ಕಿಶನ್ ಮಾತನಾಡಿ, ನಿರ್ದೇಶಕರು ಉತ್ತಮ ಕಥೆ ಮಾಡಿದ್ದಾರೆ. ನನ್ನ ಪಾತ್ರ ವಿಭಿನ್ನವಾಗಿದೆ ಎಂದರು. ತನಿಷಾ ಕುಪ್ಪಂಡ ಮಾತನಾಡಿ, ಬಿಗ್ ಬಾಸ್ ನಂತರ ಇದು ನನ್ನ ಮೊದಲ ಚಿತ್ರ. ಮಾಲಾಶ್ರೀ ಮೇಡಂ ಅವರೊಂದಿಗೆ ನಟಿಸಿದ್ದು ಖುಷಿ ತಂದಿದೆ ಎಂದರು. 'ಪೆನ್ ಡ್ರೈವ್' ಅಂದರೆ ಮನಸ್ಸಿನಲ್ಲಿ ಹಲವು ಪ್ರಶ್ನೆಗಳು ಮೂಡುತ್ತವೆ. ಅದಕ್ಕೆ ಉತ್ತರ ಈ ಚಿತ್ರ. ಛಾಯಾಗ್ರಹಣ ಪಿ.ವಿ.ಆರ್ ಸ್ವಾಮಿ, ಸಂಗೀತ ನಿರ್ದೇಶನ ಗಿರಿ ಮತ್ತು ಸಂಕಲನ ವೆಂಕಟೇಶ್ ಅವರದು. 'ಪೆನ್ ಡ್ರೈವ್' ಜುಲೈ 4 ರಂದು ತೆರೆಗೆ ಬರಲಿದೆ.
